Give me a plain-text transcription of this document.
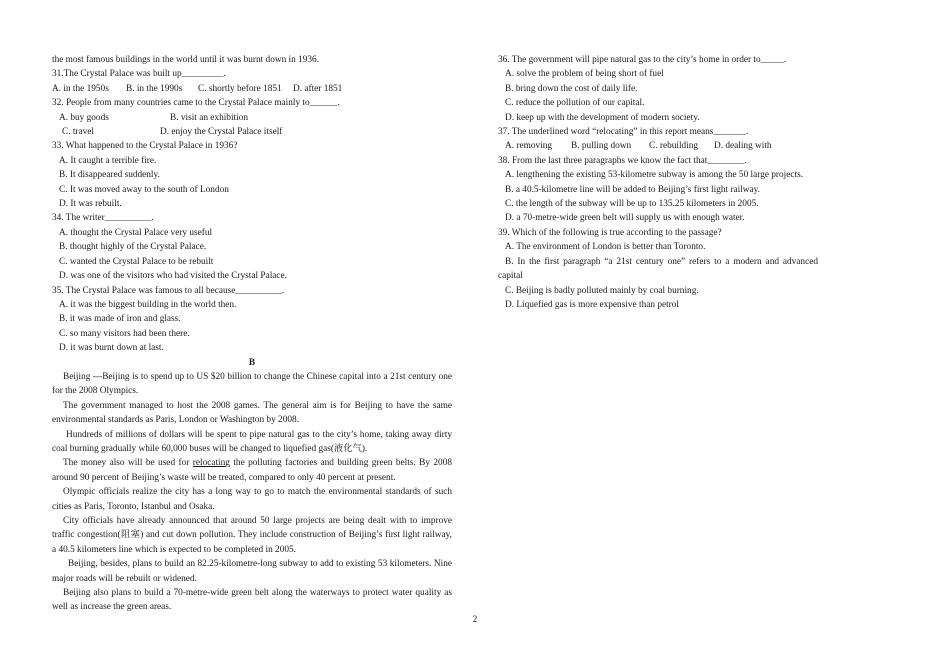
the most famous buildings in the world until it was burnt down in 1936.
31.The Crystal Palace was built up_________.
A. in the 1950s B. in the 1990s C. shortly before 1851 D. after 1851
32. People from many countries came to the Crystal Palace mainly to______.
A. buy goods	B. visit an exhibition
C. travel	D. enjoy the Crystal Palace itself
33. What happened to the Crystal Palace in 1936?
A. It caught a terrible fire.
B. It disappeared suddenly.
C. It was moved away to the south of London
D. It was rebuilt.
34. The writer__________.
A. thought the Crystal Palace very useful
B. thought highly of the Crystal Palace.
C. wanted the Crystal Palace to be rebuilt
D. was one of the visitors who had visited the Crystal Palace.
35. The Crystal Palace was famous to all because__________.
A. it was the biggest building in the world then.
B. it was made of iron and glass.
C. so many visitors had been there.
D. it was burnt down at last.
B
Beijing ---Beijing is to spend up to US $20 billion to change the Chinese capital into a 21st century one for the 2008 Olympics.
The government managed to host the 2008 games. The general aim is for Beijing to have the same environmental standards as Paris, London or Washington by 2008.
Hundreds of millions of dollars will be spent to pipe natural gas to the city’s home, taking away dirty coal burning gradually while 60,000 buses will be changed to liquefied gas(液化气).
The money also will be used for relocating the polluting factories and building green belts. By 2008 around 90 percent of Beijing’s waste will be treated, compared to only 40 percent at present.
Olympic officials realize the city has a long way to go to match the environmental standards of such cities as Paris, Toronto, Istanbul and Osaka.
City officials have already announced that around 50 large projects are being dealt with to improve traffic congestion(阻塞) and cut down pollution. They include construction of Beijing’s first light railway, a 40.5 kilometers line which is expected to be completed in 2005.
Beijing, besides, plans to build an 82.25-kilometre-long subway to add to existing 53 kilometers. Nine major roads will be rebuilt or widened.
Beijing also plans to build a 70-metre-wide green belt along the waterways to protect water quality as well as increase the green areas.
36. The government will pipe natural gas to the city’s home in order to_____.
A. solve the problem of being short of fuel
B. bring down the cost of daily life.
C. reduce the pollution of our capital.
D. keep up with the development of modern society.
37. The underlined word “relocating” in this report means_______.
A. removing B. pulling down C. rebuilding D. dealing with
38. From the last three paragraphs we know the fact that________.
A. lengthening the existing 53-kilometre subway is among the 50 large projects.
B. a 40.5-kilometre line will be added to Beijing’s first light railway.
C. the length of the subway will be up to 135.25 kilometers in 2005.
D. a 70-metre-wide green belt will supply us with enough water.
39. Which of the following is true according to the passage?
A. The environment of London is better than Toronto.
B. In the first paragraph “a 21st century one” refers to a modern and advanced capital
C. Beijing is badly polluted mainly by coal burning.
D. Liquefied gas is more expensive than petrol
2
